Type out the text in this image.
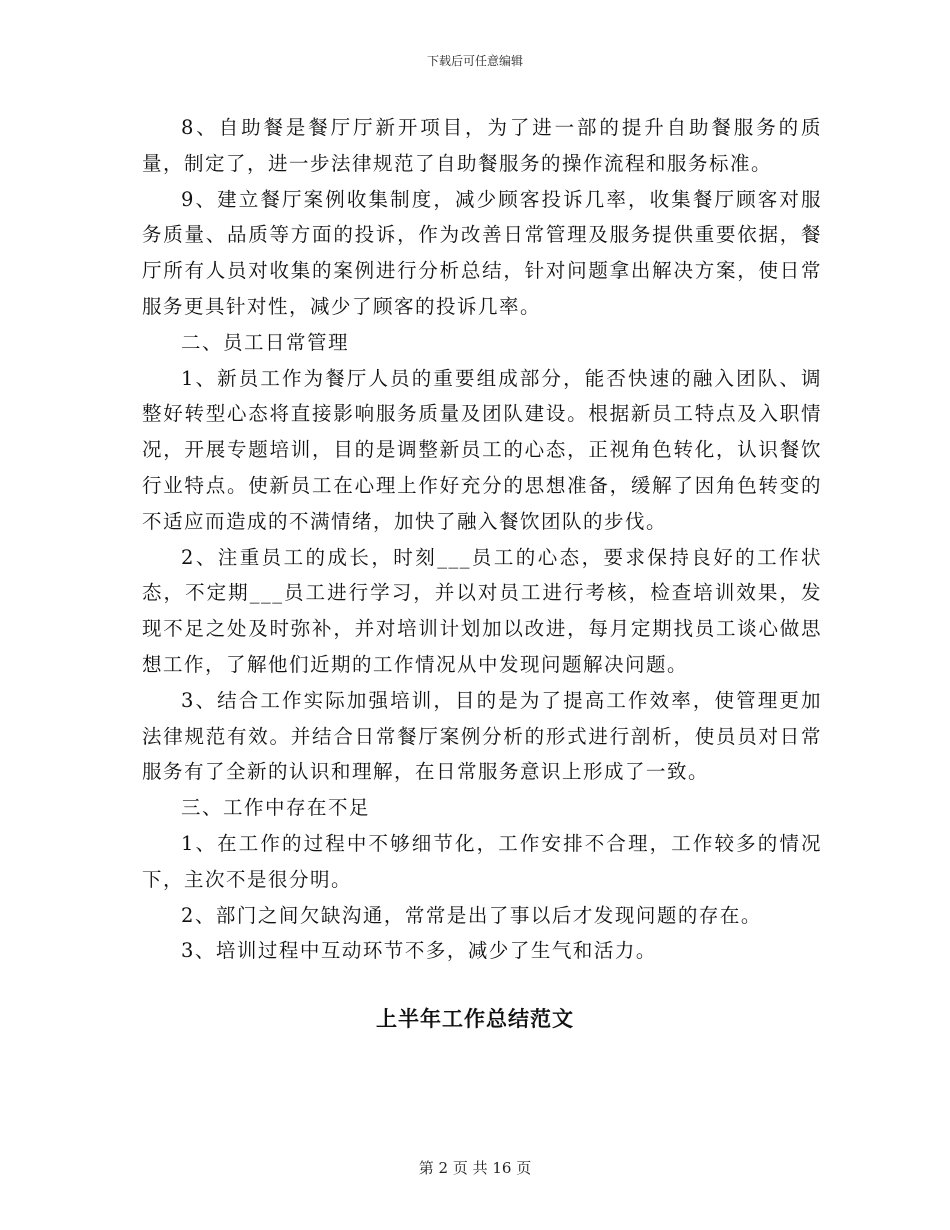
下载后可任意编辑

8、自助餐是餐厅厅新开项目，为了进一部的提升自助餐服务的质量，制定了，进一步法律规范了自助餐服务的操作流程和服务标准。

9、建立餐厅案例收集制度，减少顾客投诉几率，收集餐厅顾客对服务质量、品质等方面的投诉，作为改善日常管理及服务提供重要依据，餐厅所有人员对收集的案例进行分析总结，针对问题拿出解决方案，使日常服务更具针对性，减少了顾客的投诉几率。

二、员工日常管理

1、新员工作为餐厅人员的重要组成部分，能否快速的融入团队、调整好转型心态将直接影响服务质量及团队建设。根据新员工特点及入职情况，开展专题培训，目的是调整新员工的心态，正视角色转化，认识餐饮行业特点。使新员工在心理上作好充分的思想准备，缓解了因角色转变的不适应而造成的不满情绪，加快了融入餐饮团队的步伐。

2、注重员工的成长，时刻___员工的心态，要求保持良好的工作状态，不定期___员工进行学习，并以对员工进行考核，检查培训效果，发现不足之处及时弥补，并对培训计划加以改进，每月定期找员工谈心做思想工作，了解他们近期的工作情况从中发现问题解决问题。

3、结合工作实际加强培训，目的是为了提高工作效率，使管理更加法律规范有效。并结合日常餐厅案例分析的形式进行剖析，使员员对日常服务有了全新的认识和理解，在日常服务意识上形成了一致。

三、工作中存在不足

1、在工作的过程中不够细节化，工作安排不合理，工作较多的情况下，主次不是很分明。

2、部门之间欠缺沟通，常常是出了事以后才发现问题的存在。

3、培训过程中互动环节不多，减少了生气和活力。

上半年工作总结范文
第 2 页 共 16 页
